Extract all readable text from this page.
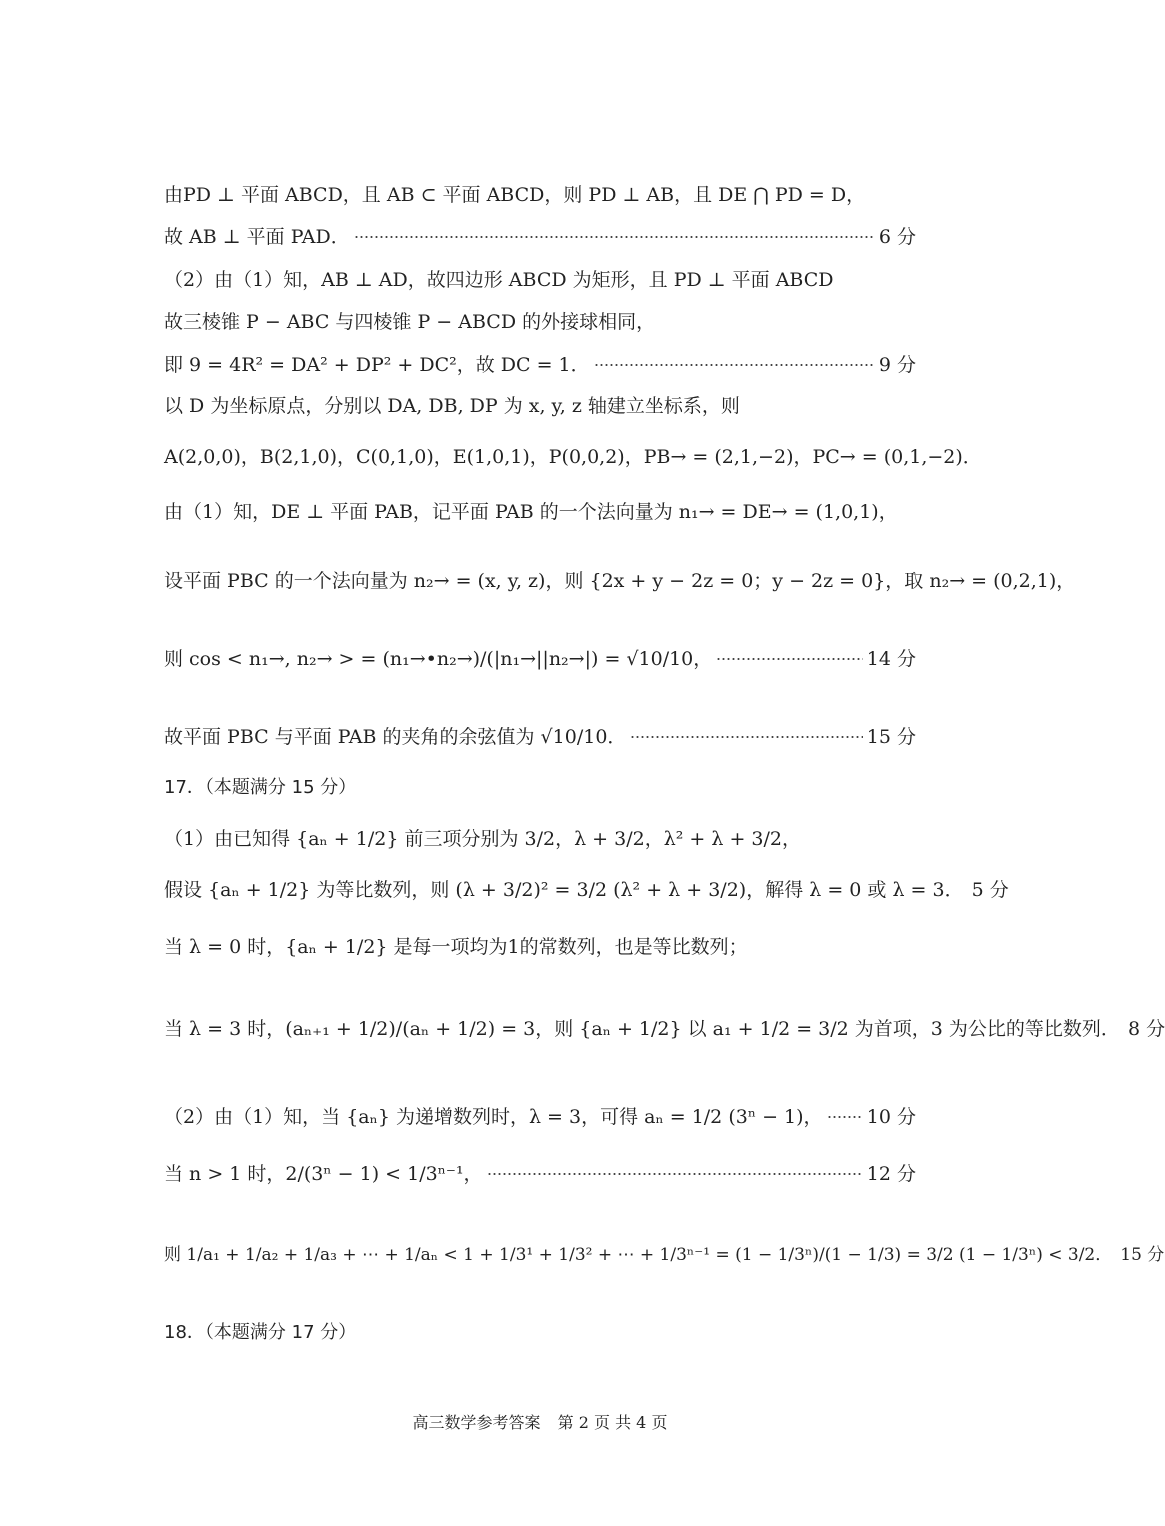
由PD ⊥ 平面 ABCD，且 AB ⊂ 平面 ABCD，则 PD ⊥ AB，且 DE ⋂ PD = D，
故 AB ⊥ 平面 PAD．	6 分
（2）由（1）知，AB ⊥ AD，故四边形 ABCD 为矩形，且 PD ⊥ 平面 ABCD
故三棱锥 P − ABC 与四棱锥 P − ABCD 的外接球相同，
即 9 = 4R² = DA² + DP² + DC²，故 DC = 1．	9 分
以 D 为坐标原点，分别以 DA, DB, DP 为 x, y, z 轴建立坐标系，则
A(2,0,0)，B(2,1,0)，C(0,1,0)，E(1,0,1)，P(0,0,2)，PB→ = (2,1,−2)，PC→ = (0,1,−2)．
由（1）知，DE ⊥ 平面 PAB，记平面 PAB 的一个法向量为 n₁→ = DE→ = (1,0,1)，
设平面 PBC 的一个法向量为 n₂→ = (x, y, z)，则 {2x + y − 2z = 0；y − 2z = 0}，取 n₂→ = (0,2,1)，
则 cos < n₁→, n₂→ > = (n₁→•n₂→)/(|n₁→||n₂→|) = √10/10，	14 分
故平面 PBC 与平面 PAB 的夹角的余弦值为 √10/10．	15 分
17．（本题满分 15 分）
（1）由已知得 {aₙ + 1/2} 前三项分别为 3/2，λ + 3/2，λ² + λ + 3/2，
假设 {aₙ + 1/2} 为等比数列，则 (λ + 3/2)² = 3/2 (λ² + λ + 3/2)，解得 λ = 0 或 λ = 3． 5 分
当 λ = 0 时，{aₙ + 1/2} 是每一项均为1的常数列，也是等比数列；
当 λ = 3 时，(aₙ₊₁ + 1/2)/(aₙ + 1/2) = 3，则 {aₙ + 1/2} 以 a₁ + 1/2 = 3/2 为首项，3 为公比的等比数列． 8 分
（2）由（1）知，当 {aₙ} 为递增数列时，λ = 3，可得 aₙ = 1/2 (3ⁿ − 1)， 10 分
当 n > 1 时，2/(3ⁿ − 1) < 1/3ⁿ⁻¹，	12 分
则 1/a₁ + 1/a₂ + 1/a₃ + ⋯ + 1/aₙ < 1 + 1/3¹ + 1/3² + ⋯ + 1/3ⁿ⁻¹ = (1 − 1/3ⁿ)/(1 − 1/3) = 3/2 (1 − 1/3ⁿ) < 3/2． 15 分
18．（本题满分 17 分）
高三数学参考答案 第 2 页 共 4 页
